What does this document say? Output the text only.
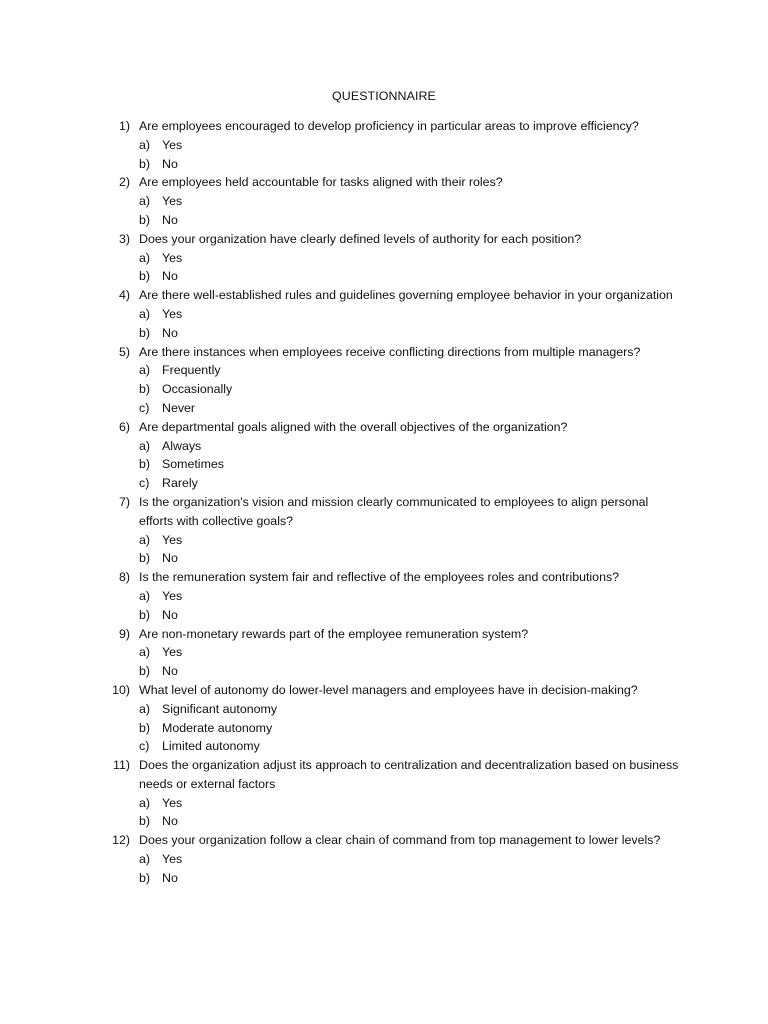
QUESTIONNAIRE
1) Are employees encouraged to develop proficiency in particular areas to improve efficiency?
a) Yes
b) No
2) Are employees held accountable for tasks aligned with their roles?
a) Yes
b) No
3) Does your organization have clearly defined levels of authority for each position?
a) Yes
b) No
4) Are there well-established rules and guidelines governing employee behavior in your organization
a) Yes
b) No
5) Are there instances when employees receive conflicting directions from multiple managers?
a) Frequently
b) Occasionally
c) Never
6) Are departmental goals aligned with the overall objectives of the organization?
a) Always
b) Sometimes
c) Rarely
7) Is the organization's vision and mission clearly communicated to employees to align personal efforts with collective goals?
a) Yes
b) No
8) Is the remuneration system fair and reflective of the employees roles and contributions?
a) Yes
b) No
9) Are non-monetary rewards part of the employee remuneration system?
a) Yes
b) No
10) What level of autonomy do lower-level managers and employees have in decision-making?
a) Significant autonomy
b) Moderate autonomy
c) Limited autonomy
11) Does the organization adjust its approach to centralization and decentralization based on business needs or external factors
a) Yes
b) No
12) Does your organization follow a clear chain of command from top management to lower levels?
a) Yes
b) No
